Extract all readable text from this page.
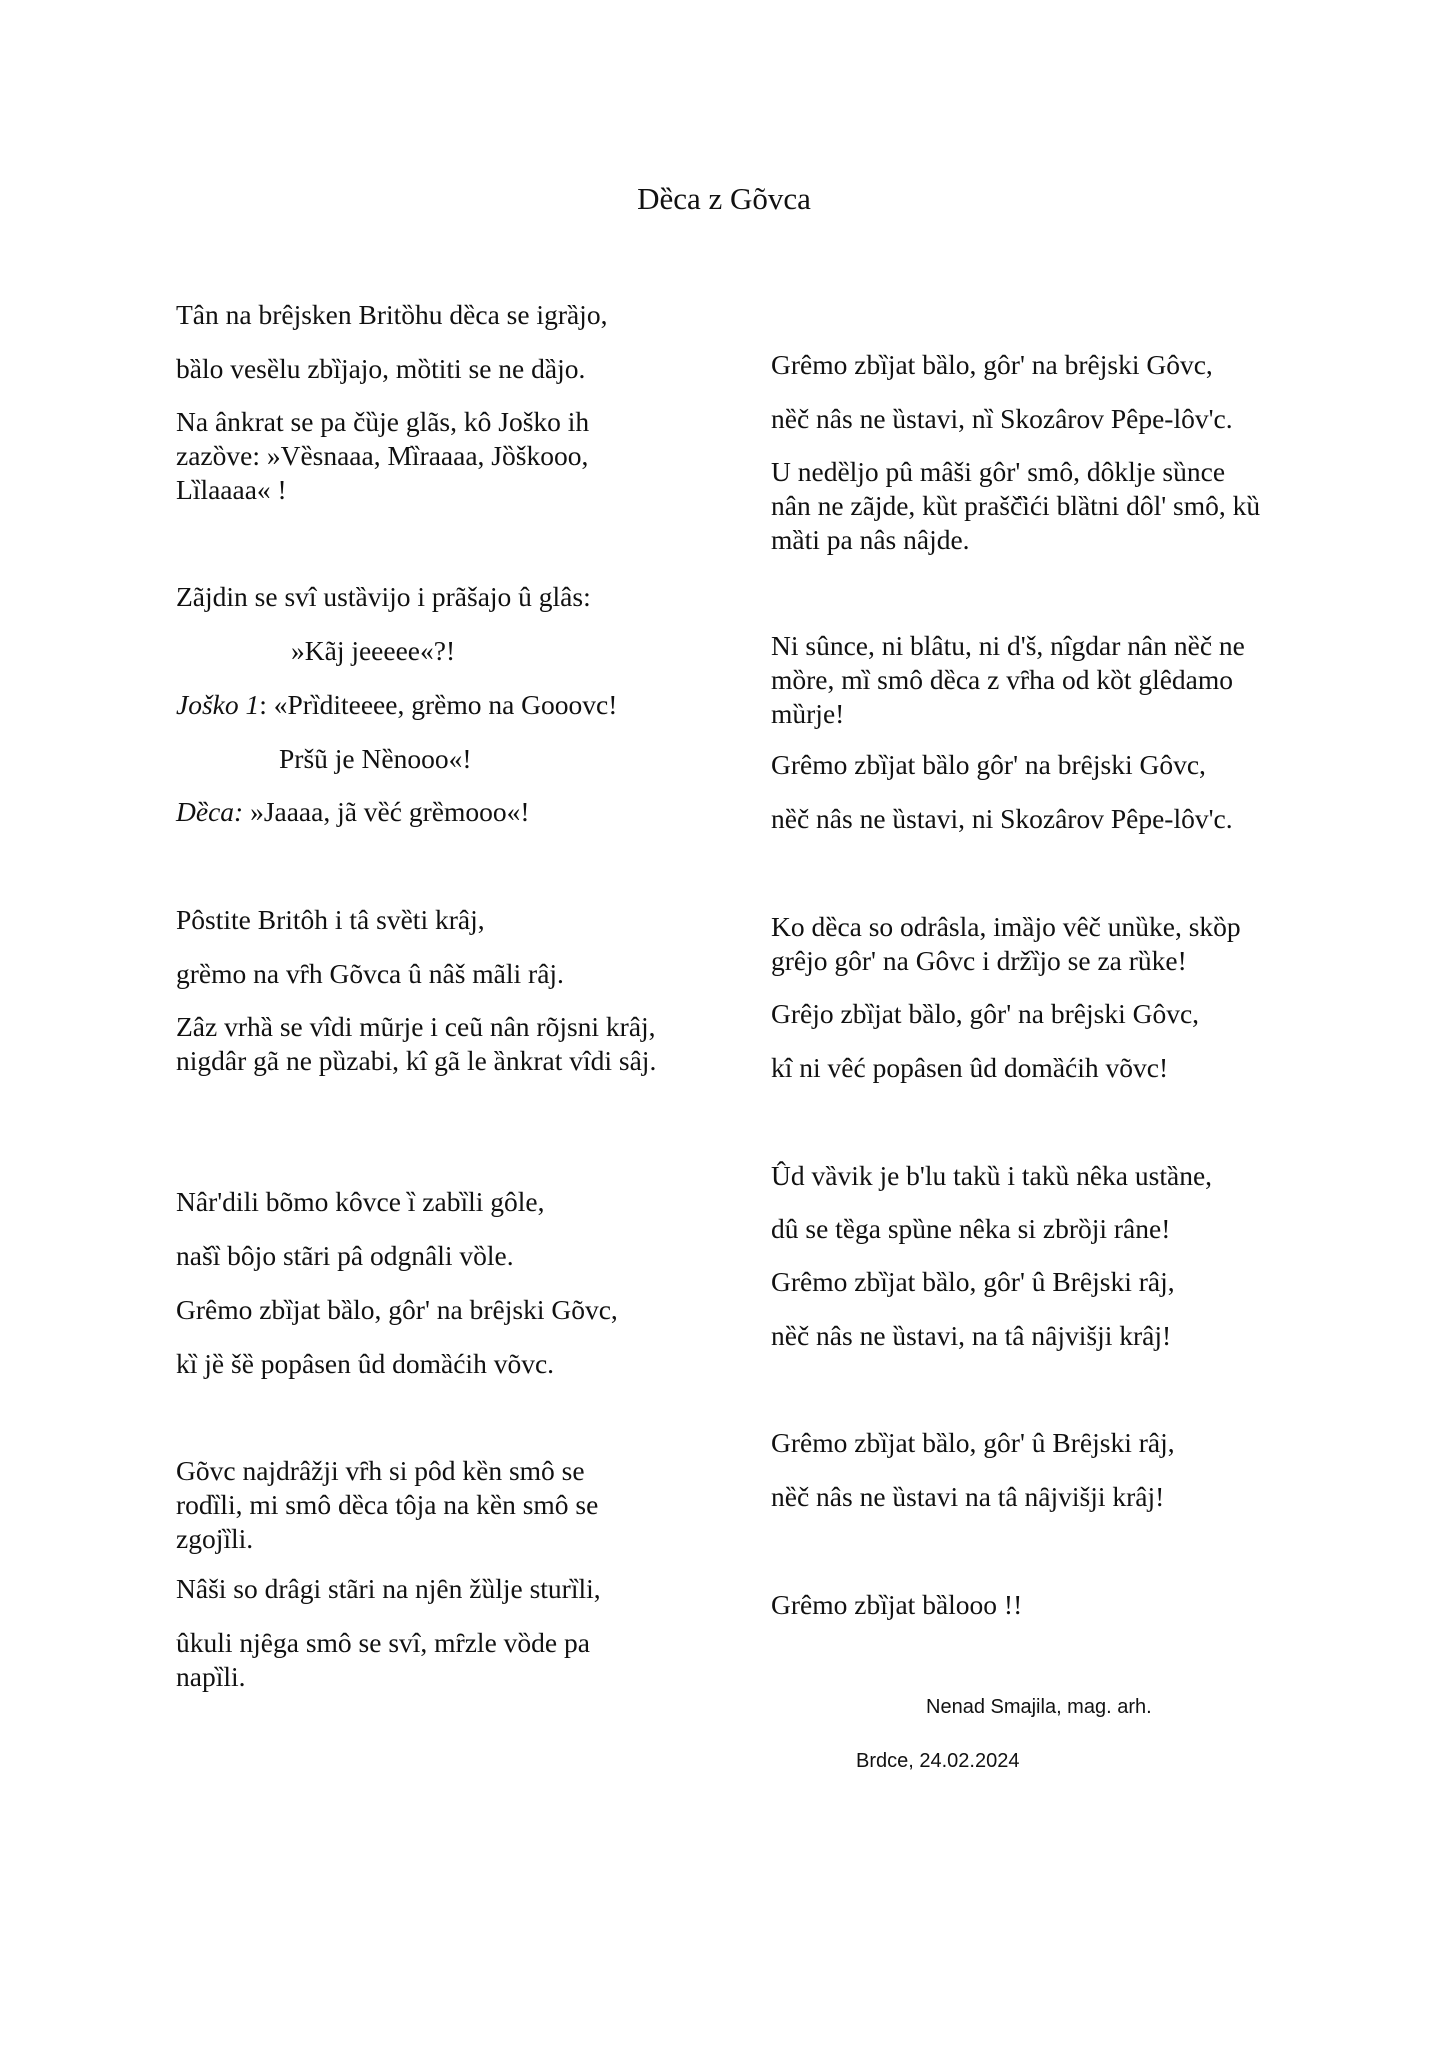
Dȅca z Gõvca
Tân na brêjsken Britȍhu dȅca se igrȁjo,
bȁlo vesȅlu zbȉjajo, mȍtiti se ne dȁjo.
Na ânkrat se pa čȕje glãs, kô Joško ih zazȍve: »Vȅsnaaa, Mȉraaaa, Jȍškooo, Lȉlaaaa« !
Zãjdin se svî ustȁvijo i prãšajo û glâs:
»Kãj jeeeee«?!
Joško 1: «Prȉditeeee, grȅmo na Gooovc!
Pršũ je Nȅnooo«!
Dȅca: »Jaaaa, jã vȅć grȅmooo«!
Pôstite Britôh i tâ svȅti krâj,
grȅmo na vȓh Gõvca û nâš mãli râj.
Zâz vrhȁ se vîdi mũrje i ceũ nân rõjsni krâj, nigdâr gã ne pȕzabi, kî gã le ȁnkrat vîdi sâj.
Nâr'dili bõmo kôvce ȉ zabȉli gôle,
našȉ bôjo stãri pâ odgnâli vȍle.
Grêmo zbȉjat bȁlo, gôr' na brȇjski Gõvc,
kȉ jȅ šȅ popâsen ûd domȁćih võvc.
Gõvc najdrâžji vȓh si pôd kȅn smô se rodȉli, mi smô dȅca tôja na kȅn smô se zgojȉli.
Nâši so drâgi stãri na njȇn žȕlje sturȉli,
ûkuli njȇga smô se svî, mȓzle vȍde pa napȉli.
Grêmo zbȉjat bȁlo, gôr' na brêjski Gôvc,
nȅč nâs ne ȕstavi, nȉ Skozârov Pêpe-lôv'c.
U nedȅljo pû mâši gôr' smô, dôklje sȕnce nân ne zãjde, kȕt prašč̏ići blȁtni dôl' smô, kȕ mȁti pa nâs nâjde.
Ni sûnce, ni blâtu, ni d'š, nîgdar nân nȅč ne mȍre, mȉ smô dȅca z vȓha od kȍt glêdamo mȕrje!
Grêmo zbȉjat bȁlo gôr' na brȇjski Gôvc,
nȅč nâs ne ȕstavi, ni Skozârov Pêpe-lôv'c.
Ko dȅca so odrâsla, imȁjo vêč unȕke, skȍp grêjo gôr' na Gôvc i držȉjo se za rȕke!
Grêjo zbȉjat bȁlo, gôr' na brêjski Gôvc,
kî ni vêć popâsen ûd domȁćih võvc!
Ûd vȁvik je b'lu takȕ i takȕ nêka ustȁne,
dû se tȅga spȕne nêka si zbrȍji râne!
Grêmo zbȉjat bȁlo, gôr' û Brȇjski râj,
nȅč nâs ne ȕstavi, na tâ nȃjvišji krâj!
Grêmo zbȉjat bȁlo, gôr' û Brȇjski râj,
nȅč nâs ne ȕstavi na tâ nȃjvišji krâj!
Grêmo zbȉjat bȁlooo !!
Nenad Smajila, mag. arh.
Brdce, 24.02.2024
